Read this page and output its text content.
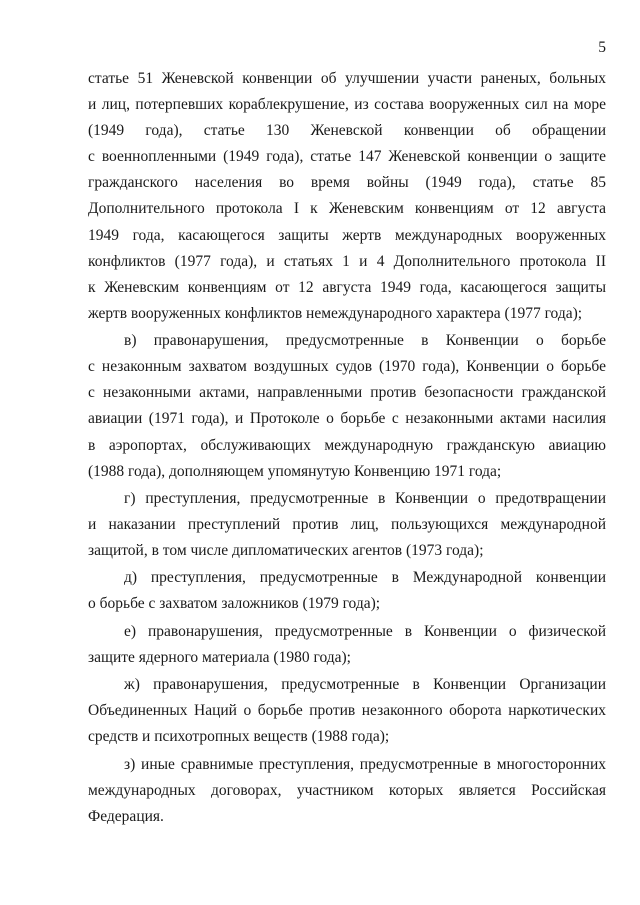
5
статье 51 Женевской конвенции об улучшении участи раненых, больных
и лиц, потерпевших кораблекрушение, из состава вооруженных сил на море
(1949 года), статье 130 Женевской конвенции об обращении
с военнопленными (1949 года), статье 147 Женевской конвенции о защите
гражданского населения во время войны (1949 года), статье 85
Дополнительного протокола I к Женевским конвенциям от 12 августа
1949 года, касающегося защиты жертв международных вооруженных
конфликтов (1977 года), и статьях 1 и 4 Дополнительного протокола II
к Женевским конвенциям от 12 августа 1949 года, касающегося защиты
жертв вооруженных конфликтов немеждународного характера (1977 года);
в) правонарушения, предусмотренные в Конвенции о борьбе
с незаконным захватом воздушных судов (1970 года), Конвенции о борьбе
с незаконными актами, направленными против безопасности гражданской
авиации (1971 года), и Протоколе о борьбе с незаконными актами насилия
в аэропортах, обслуживающих международную гражданскую авиацию
(1988 года), дополняющем упомянутую Конвенцию 1971 года;
г) преступления, предусмотренные в Конвенции о предотвращении
и наказании преступлений против лиц, пользующихся международной
защитой, в том числе дипломатических агентов (1973 года);
д) преступления, предусмотренные в Международной конвенции
о борьбе с захватом заложников (1979 года);
е) правонарушения, предусмотренные в Конвенции о физической
защите ядерного материала (1980 года);
ж) правонарушения, предусмотренные в Конвенции Организации
Объединенных Наций о борьбе против незаконного оборота наркотических
средств и психотропных веществ (1988 года);
з) иные сравнимые преступления, предусмотренные в многосторонних
международных договорах, участником которых является Российская
Федерация.
